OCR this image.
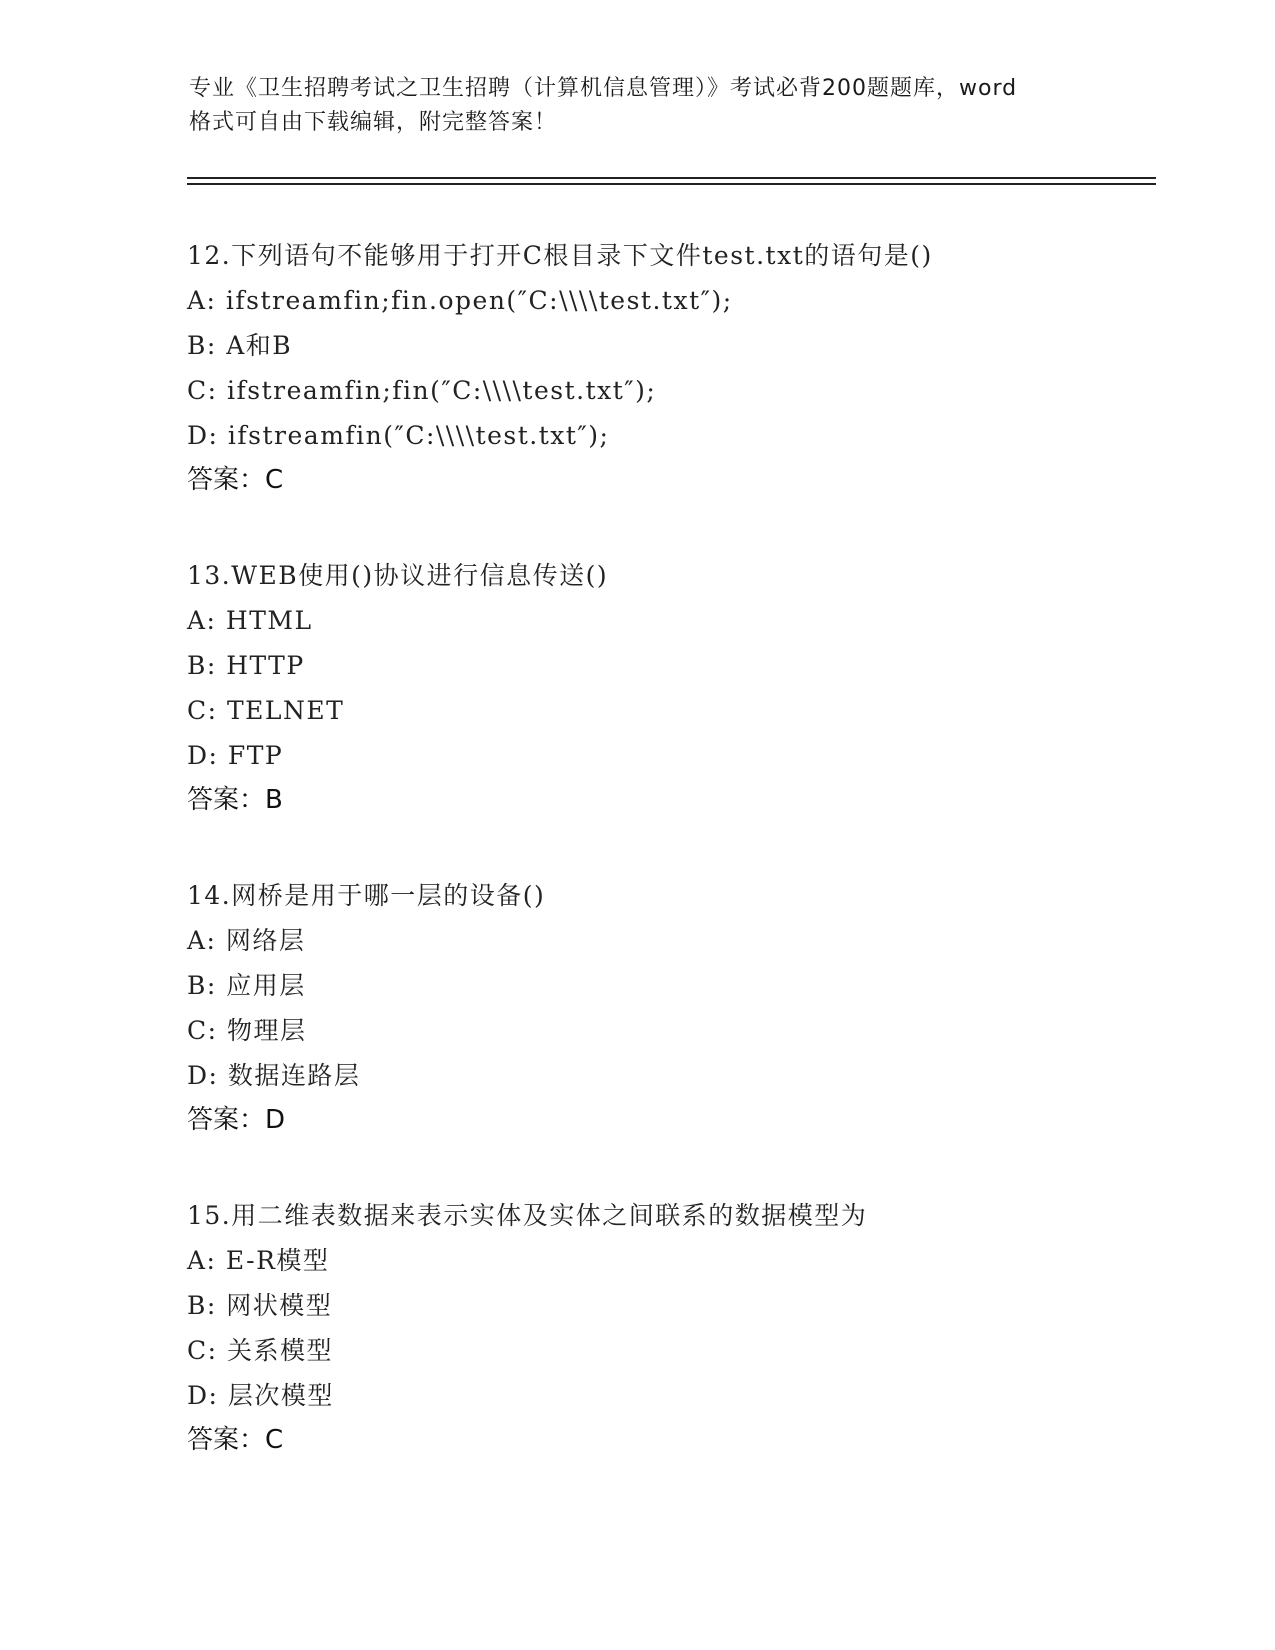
专业《卫生招聘考试之卫生招聘（计算机信息管理）》考试必背200题题库，word
格式可自由下载编辑，附完整答案！
12.下列语句不能够用于打开C根目录下文件test.txt的语句是()
A: ifstreamfin;fin.open(″C:\\\\test.txt″);
B: A和B
C: ifstreamfin;fin(″C:\\\\test.txt″);
D: ifstreamfin(″C:\\\\test.txt″);
答案：C
13.WEB使用()协议进行信息传送()
A: HTML
B: HTTP
C: TELNET
D: FTP
答案：B
14.网桥是用于哪一层的设备()
A: 网络层
B: 应用层
C: 物理层
D: 数据连路层
答案：D
15.用二维表数据来表示实体及实体之间联系的数据模型为
A: E-R模型
B: 网状模型
C: 关系模型
D: 层次模型
答案：C
